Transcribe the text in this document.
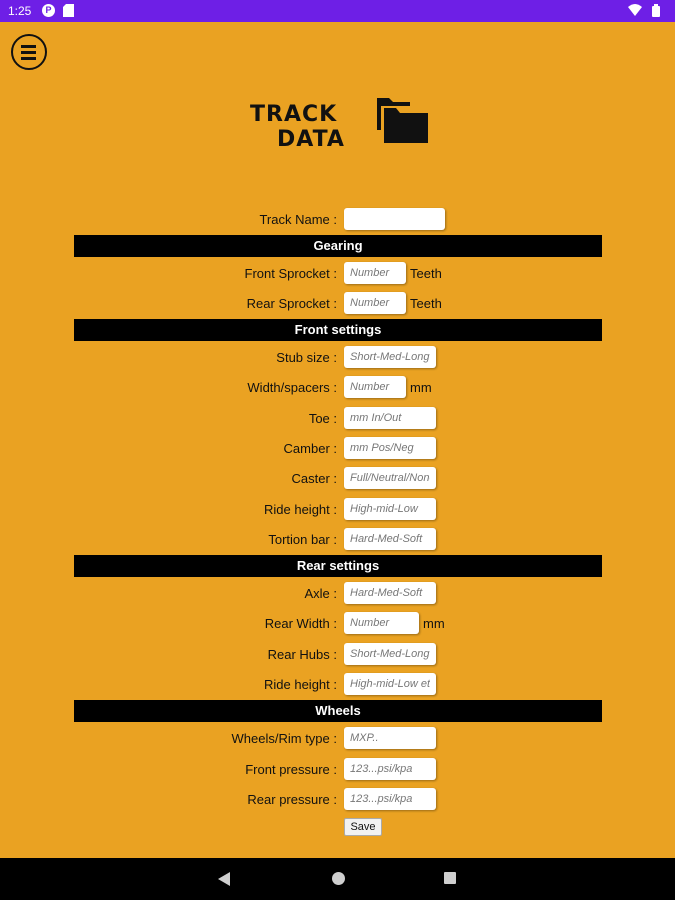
1:25	P
TRACK
DATA
Track Name :
Gearing
Front Sprocket :
Number	Teeth
Rear Sprocket :
Number	Teeth
Front settings
Stub size :
Short-Med-Long
Width/spacers :
Number	mm
Toe :
mm In/Out
Camber :
mm Pos/Neg
Caster :
Full/Neutral/None
Ride height :
High-mid-Low
Tortion bar :
Hard-Med-Soft
Rear settings
Axle :
Hard-Med-Soft
Rear Width :
Number	mm
Rear Hubs :
Short-Med-Long
Ride height :
High-mid-Low etc
Wheels
Wheels/Rim type :
MXP..
Front pressure :
123...psi/kpa
Rear pressure :
123...psi/kpa
Save
